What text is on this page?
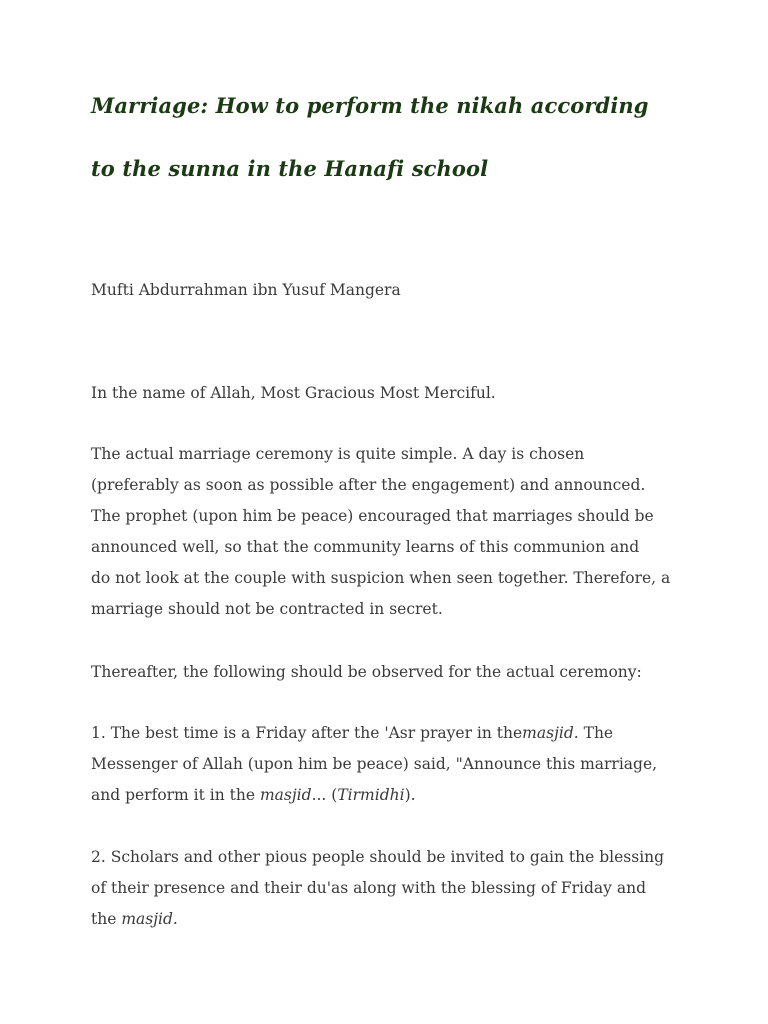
Marriage: How to perform the nikah according
to the sunna in the Hanafi school
Mufti Abdurrahman ibn Yusuf Mangera
In the name of Allah, Most Gracious Most Merciful.
The actual marriage ceremony is quite simple. A day is chosen
(preferably as soon as possible after the engagement) and announced.
The prophet (upon him be peace) encouraged that marriages should be
announced well, so that the community learns of this communion and
do not look at the couple with suspicion when seen together. Therefore, a
marriage should not be contracted in secret.
Thereafter, the following should be observed for the actual ceremony:
1. The best time is a Friday after the 'Asr prayer in themasjid. The
Messenger of Allah (upon him be peace) said, "Announce this marriage,
and perform it in the masjid... (Tirmidhi).
2. Scholars and other pious people should be invited to gain the blessing
of their presence and their du'as along with the blessing of Friday and
the masjid.
